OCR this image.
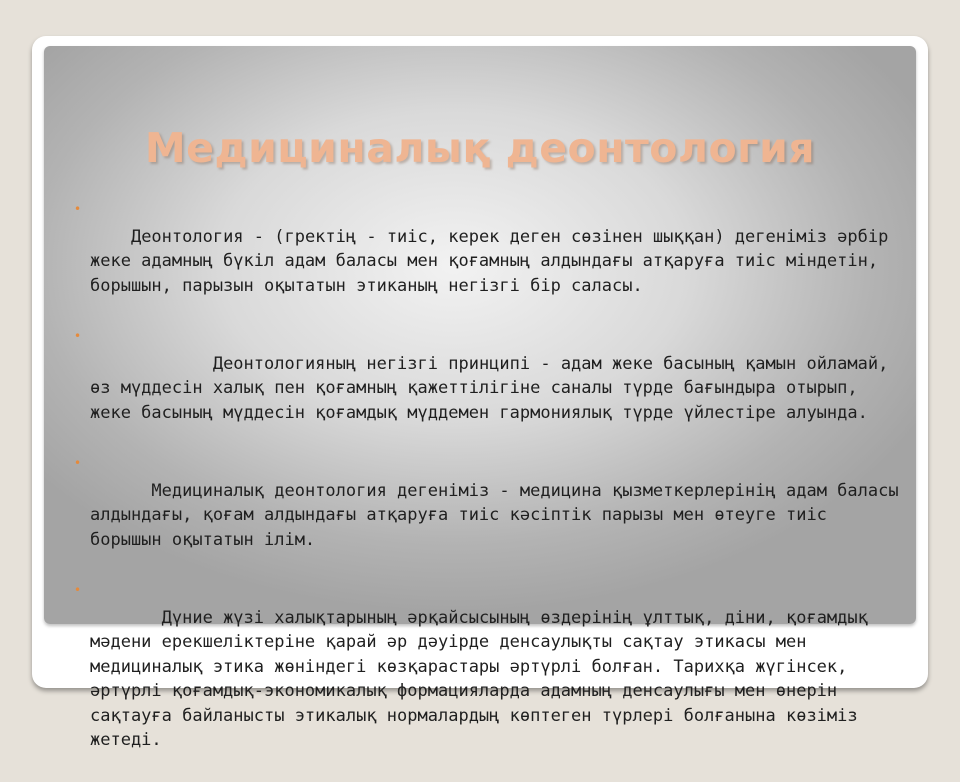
Медициналық деонтология

•
Деонтология - (гректің - тиіс, керек деген сөзінен шыққан) дегеніміз әрбір жеке адамның бүкіл адам баласы мен қоғамның алдындағы атқаруға тиіс міндетін, борышын, парызын оқытатын этиканың негізгі бір саласы.

•
Деонтологияның негізгі принципі - адам жеке басының қамын ойламай, өз мүддесін халық пен қоғамның қажеттілігіне саналы түрде бағындыра отырып, жеке басының мүддесін қоғамдық мүддемен гармониялық түрде үйлестіре алуында.

•
Медициналық деонтология дегеніміз - медицина қызметкерлерінің адам баласы алдындағы, қоғам алдындағы атқаруға тиіс кәсіптік парызы мен өтеуге тиіс борышын оқытатын ілім.

•
Дүние жүзі халықтарының әрқайсысының өздерінің ұлттық, діни, қоғамдық мәдени ерекшеліктеріне қарай әр дәуірде денсаулықты сақтау этикасы мен медициналық этика жөніндегі көзқарастары әртүрлі болған. Тарихқа жүгінсек, әртүрлі қоғамдық-экономикалық формацияларда адамның денсаулығы мен өнерін сақтауға байланысты этикалық нормалардың көптеген түрлері болғанына көзіміз жетеді.
